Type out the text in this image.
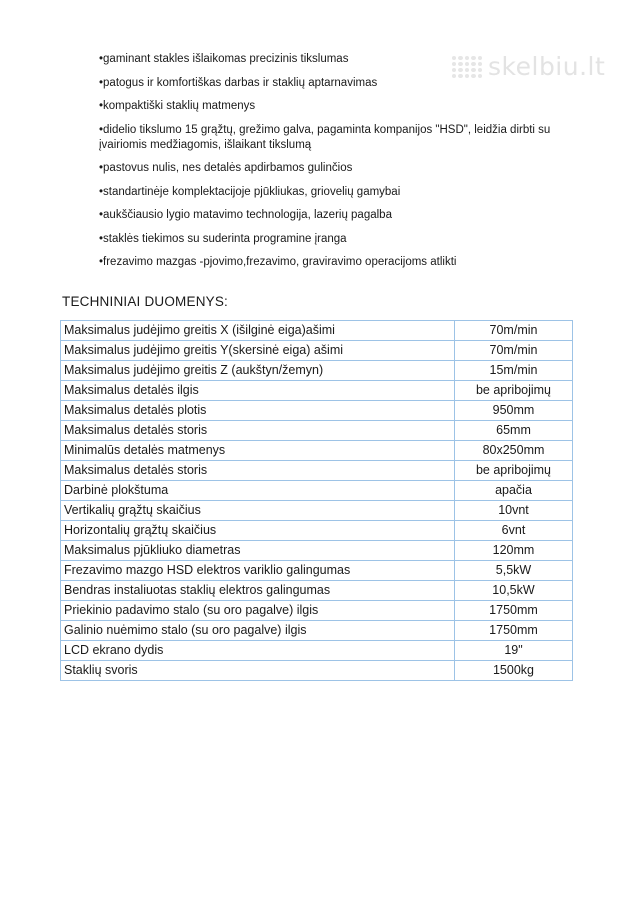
skelbiu.lt
•gaminant stakles išlaikomas precizinis tikslumas
•patogus ir komfortiškas darbas ir staklių aptarnavimas
•kompaktiški staklių matmenys
•didelio tikslumo 15 grąžtų, grežimo galva, pagaminta kompanijos "HSD", leidžia dirbti su įvairiomis medžiagomis, išlaikant tikslumą
•pastovus nulis, nes detalės apdirbamos gulinčios
•standartinėje komplektacijoje pjūkliukas, griovelių gamybai
•aukščiausio lygio matavimo technologija, lazerių pagalba
•staklės tiekimos su suderinta programine įranga
•frezavimo mazgas -pjovimo,frezavimo, graviravimo operacijoms atlikti
TECHNINIAI DUOMENYS:
Maksimalus judėjimo greitis X (išilginė eiga)ašimi	70m/min
Maksimalus judėjimo greitis Y(skersinė eiga) ašimi	70m/min
Maksimalus judėjimo greitis Z (aukštyn/žemyn)	15m/min
Maksimalus detalės ilgis	be apribojimų
Maksimalus detalės plotis	950mm
Maksimalus detalės storis	65mm
Minimalūs detalės matmenys	80x250mm
Maksimalus detalės storis	be apribojimų
Darbinė plokštuma	apačia
Vertikalių grąžtų skaičius	10vnt
Horizontalių grąžtų skaičius	6vnt
Maksimalus pjūkliuko diametras	120mm
Frezavimo mazgo HSD elektros variklio galingumas	5,5kW
Bendras instaliuotas staklių elektros galingumas	10,5kW
Priekinio padavimo stalo (su oro pagalve) ilgis	1750mm
Galinio nuėmimo stalo (su oro pagalve) ilgis	1750mm
LCD ekrano dydis	19"
Staklių svoris	1500kg
